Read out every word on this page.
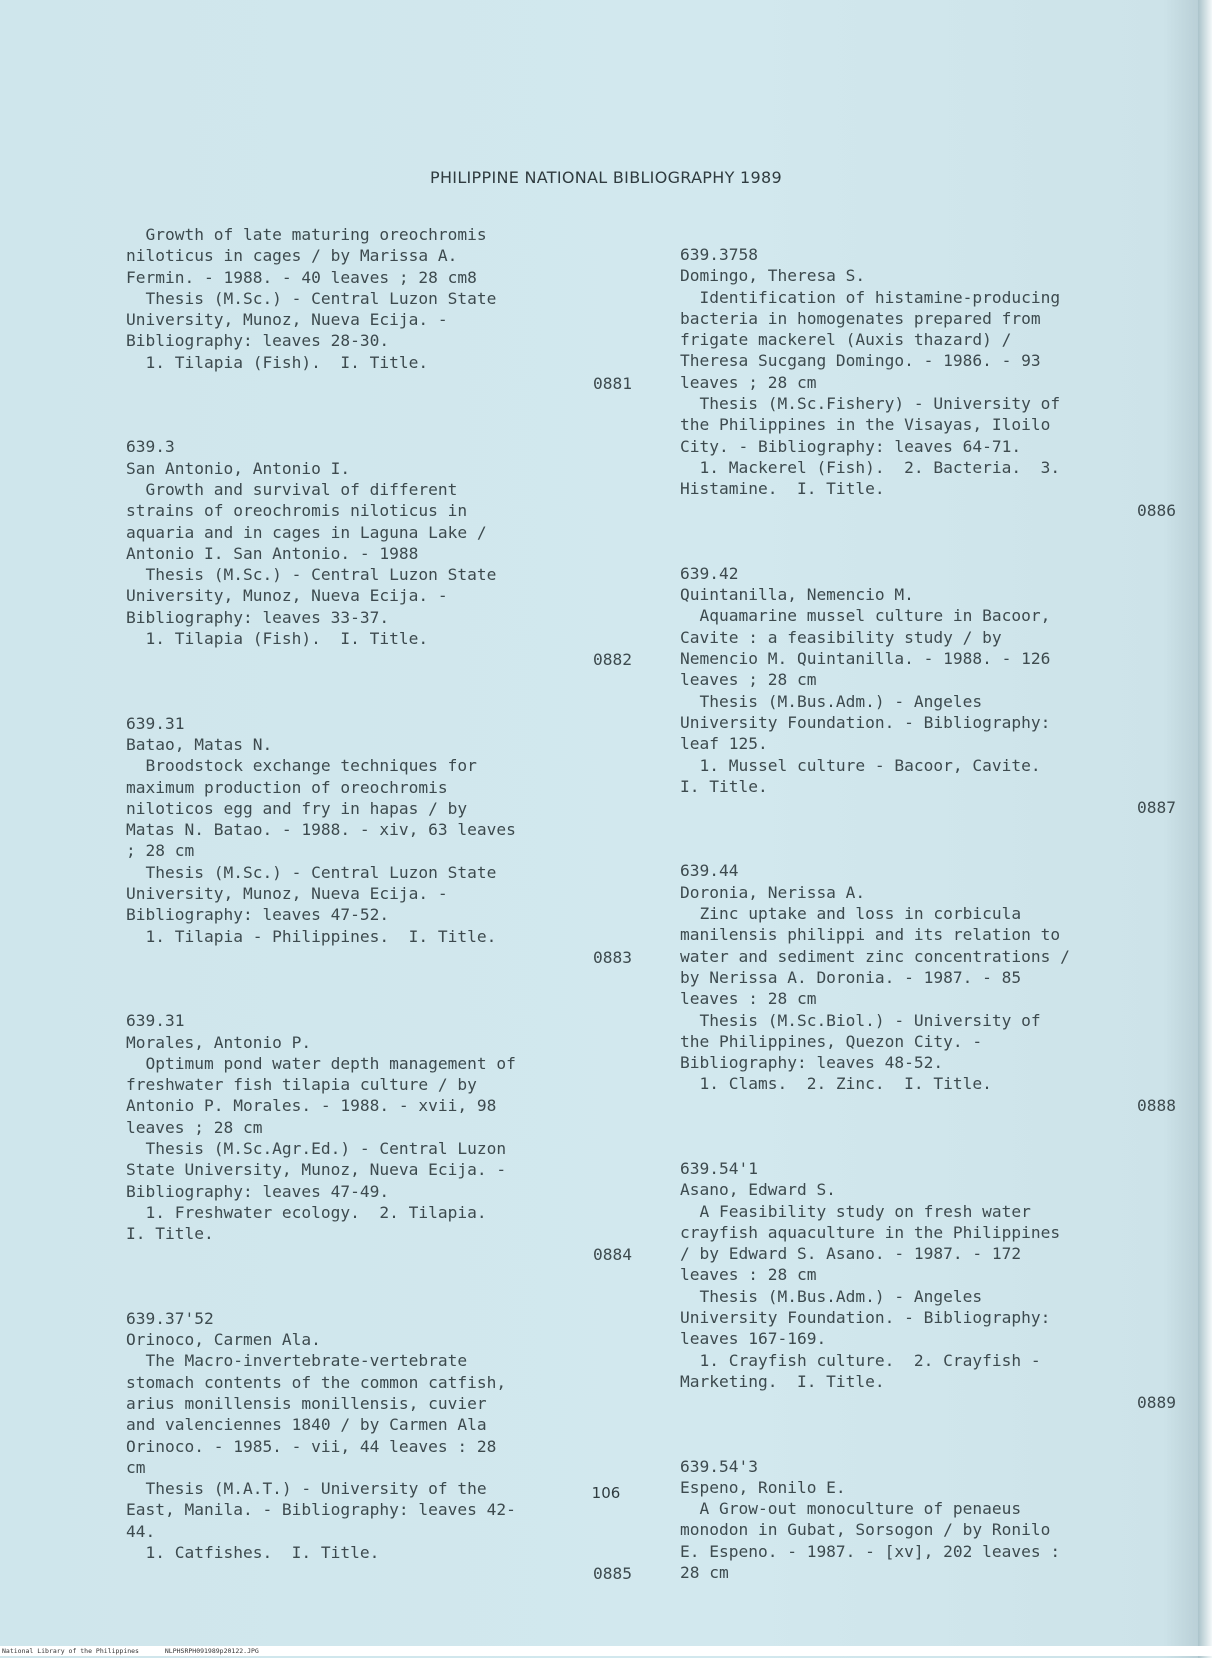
PHILIPPINE NATIONAL BIBLIOGRAPHY 1989
Growth of late maturing oreochromis
niloticus in cages / by Marissa A.
Fermin. - 1988. - 40 leaves ; 28 cm8
Thesis (M.Sc.) - Central Luzon State
University, Munoz, Nueva Ecija. -
Bibliography: leaves 28-30.
1. Tilapia (Fish).  I. Title.
0881
639.3
San Antonio, Antonio I.
Growth and survival of different
strains of oreochromis niloticus in
aquaria and in cages in Laguna Lake /
Antonio I. San Antonio. - 1988
Thesis (M.Sc.) - Central Luzon State
University, Munoz, Nueva Ecija. -
Bibliography: leaves 33-37.
1. Tilapia (Fish).  I. Title.
0882
639.31
Batao, Matas N.
Broodstock exchange techniques for
maximum production of oreochromis
niloticos egg and fry in hapas / by
Matas N. Batao. - 1988. - xiv, 63 leaves
; 28 cm
Thesis (M.Sc.) - Central Luzon State
University, Munoz, Nueva Ecija. -
Bibliography: leaves 47-52.
1. Tilapia - Philippines.  I. Title.
0883
639.31
Morales, Antonio P.
Optimum pond water depth management of
freshwater fish tilapia culture / by
Antonio P. Morales. - 1988. - xvii, 98
leaves ; 28 cm
Thesis (M.Sc.Agr.Ed.) - Central Luzon
State University, Munoz, Nueva Ecija. -
Bibliography: leaves 47-49.
1. Freshwater ecology.  2. Tilapia.
I. Title.
0884
639.37'52
Orinoco, Carmen Ala.
The Macro-invertebrate-vertebrate
stomach contents of the common catfish,
arius monillensis monillensis, cuvier
and valenciennes 1840 / by Carmen Ala
Orinoco. - 1985. - vii, 44 leaves : 28
cm
Thesis (M.A.T.) - University of the
East, Manila. - Bibliography: leaves 42-
44.
1. Catfishes.  I. Title.
0885
639.3758
Domingo, Theresa S.
Identification of histamine-producing
bacteria in homogenates prepared from
frigate mackerel (Auxis thazard) /
Theresa Sucgang Domingo. - 1986. - 93
leaves ; 28 cm
Thesis (M.Sc.Fishery) - University of
the Philippines in the Visayas, Iloilo
City. - Bibliography: leaves 64-71.
1. Mackerel (Fish).  2. Bacteria.  3.
Histamine.  I. Title.
0886
639.42
Quintanilla, Nemencio M.
Aquamarine mussel culture in Bacoor,
Cavite : a feasibility study / by
Nemencio M. Quintanilla. - 1988. - 126
leaves ; 28 cm
Thesis (M.Bus.Adm.) - Angeles
University Foundation. - Bibliography:
leaf 125.
1. Mussel culture - Bacoor, Cavite.
I. Title.
0887
639.44
Doronia, Nerissa A.
Zinc uptake and loss in corbicula
manilensis philippi and its relation to
water and sediment zinc concentrations /
by Nerissa A. Doronia. - 1987. - 85
leaves : 28 cm
Thesis (M.Sc.Biol.) - University of
the Philippines, Quezon City. -
Bibliography: leaves 48-52.
1. Clams.  2. Zinc.  I. Title.
0888
639.54'1
Asano, Edward S.
A Feasibility study on fresh water
crayfish aquaculture in the Philippines
/ by Edward S. Asano. - 1987. - 172
leaves : 28 cm
Thesis (M.Bus.Adm.) - Angeles
University Foundation. - Bibliography:
leaves 167-169.
1. Crayfish culture.  2. Crayfish -
Marketing.  I. Title.
0889
639.54'3
Espeno, Ronilo E.
A Grow-out monoculture of penaeus
monodon in Gubat, Sorsogon / by Ronilo
E. Espeno. - 1987. - [xv], 202 leaves :
28 cm
106
National Library of the Philippines	NLPHSRPH091989p20122.JPG
